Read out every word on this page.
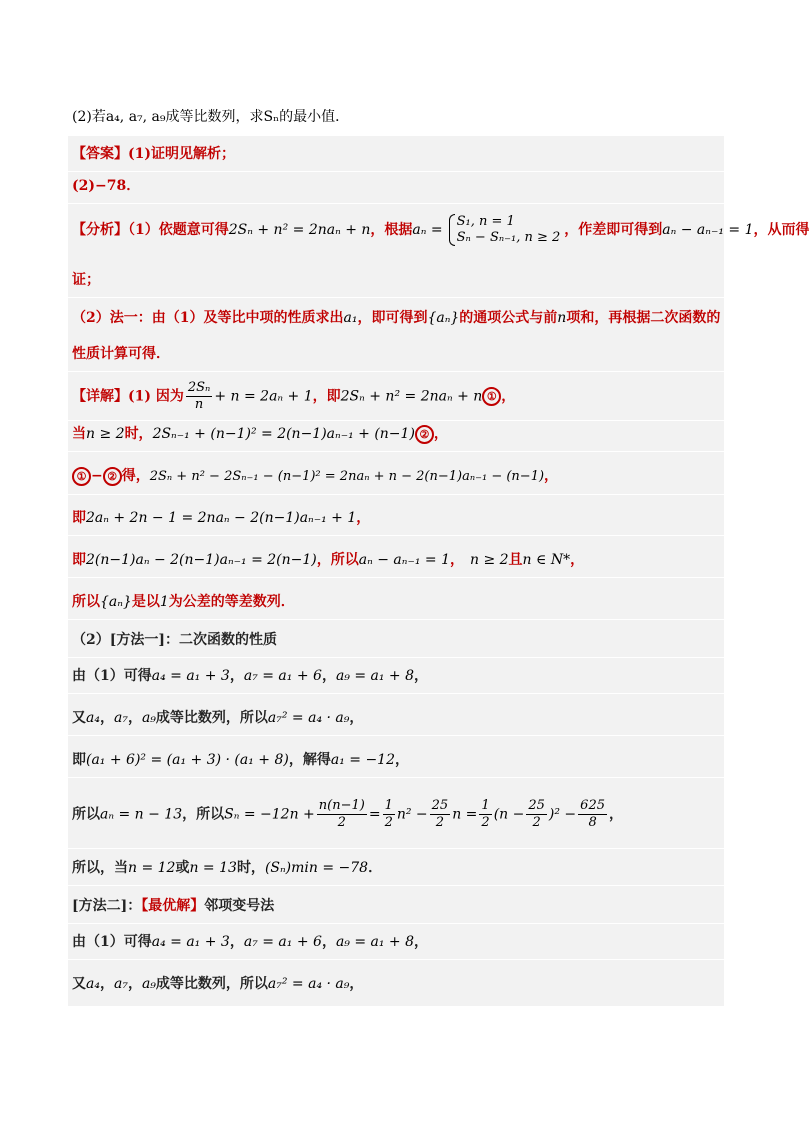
(2)若a₄, a₇, a₉成等比数列，求Sₙ的最小值．
【答案】(1)证明见解析；
(2)−78．
【分析】（1）依题意可得2Sₙ + n² = 2naₙ + n，根据aₙ =
S₁, n = 1
Sₙ − Sₙ₋₁, n ≥ 2 ，作差即可得到aₙ − aₙ₋₁ = 1，从而得
证；
（2）法一：由（1）及等比中项的性质求出a₁，即可得到{aₙ}的通项公式与前n项和，再根据二次函数的
性质计算可得．
【详解】(1) 因为 $\frac{\text{2Sₙ}}{n} + n = 2a_n + 1$，即2Sₙ + n² = 2naₙ + n ① ，
当n ≥ 2时，2Sₙ₋₁ + (n−1)² = 2(n−1)aₙ₋₁ + (n−1) ② ，
① − ② 得，2Sₙ + n² − 2Sₙ₋₁ − (n−1)² = 2naₙ + n − 2(n−1)aₙ₋₁ − (n−1)，
即2aₙ + 2n − 1 = 2naₙ − 2(n−1)aₙ₋₁ + 1，
即2(n−1)aₙ − 2(n−1)aₙ₋₁ = 2(n−1)，所以aₙ − aₙ₋₁ = 1， n ≥ 2且n ∈ N*，
所以{aₙ}是以1为公差的等差数列．
（2）[方法一]：二次函数的性质
由（1）可得a₄ = a₁ + 3，a₇ = a₁ + 6，a₉ = a₁ + 8，
又a₄，a₇，a₉成等比数列，所以a₇² = a₄ · a₉，
即(a₁ + 6)² = (a₁ + 3) · (a₁ + 8)，解得a₁ = −12，
所以aₙ = n − 13，所以$S_n = -12n + \frac{n(n-1)}{2} = \frac{1}{2} n^2 - \frac{25}{2}$ $n = \frac{1}{2} (n - \frac{25}{2} )^2 - \frac{625}{8}$ ，
所以，当n = 12或n = 13时，(Sₙ)min = −78．
[方法二]：【最优解】邻项变号法
由（1）可得a₄ = a₁ + 3，a₇ = a₁ + 6，a₉ = a₁ + 8，
又a₄，a₇，a₉成等比数列，所以a₇² = a₄ · a₉，
